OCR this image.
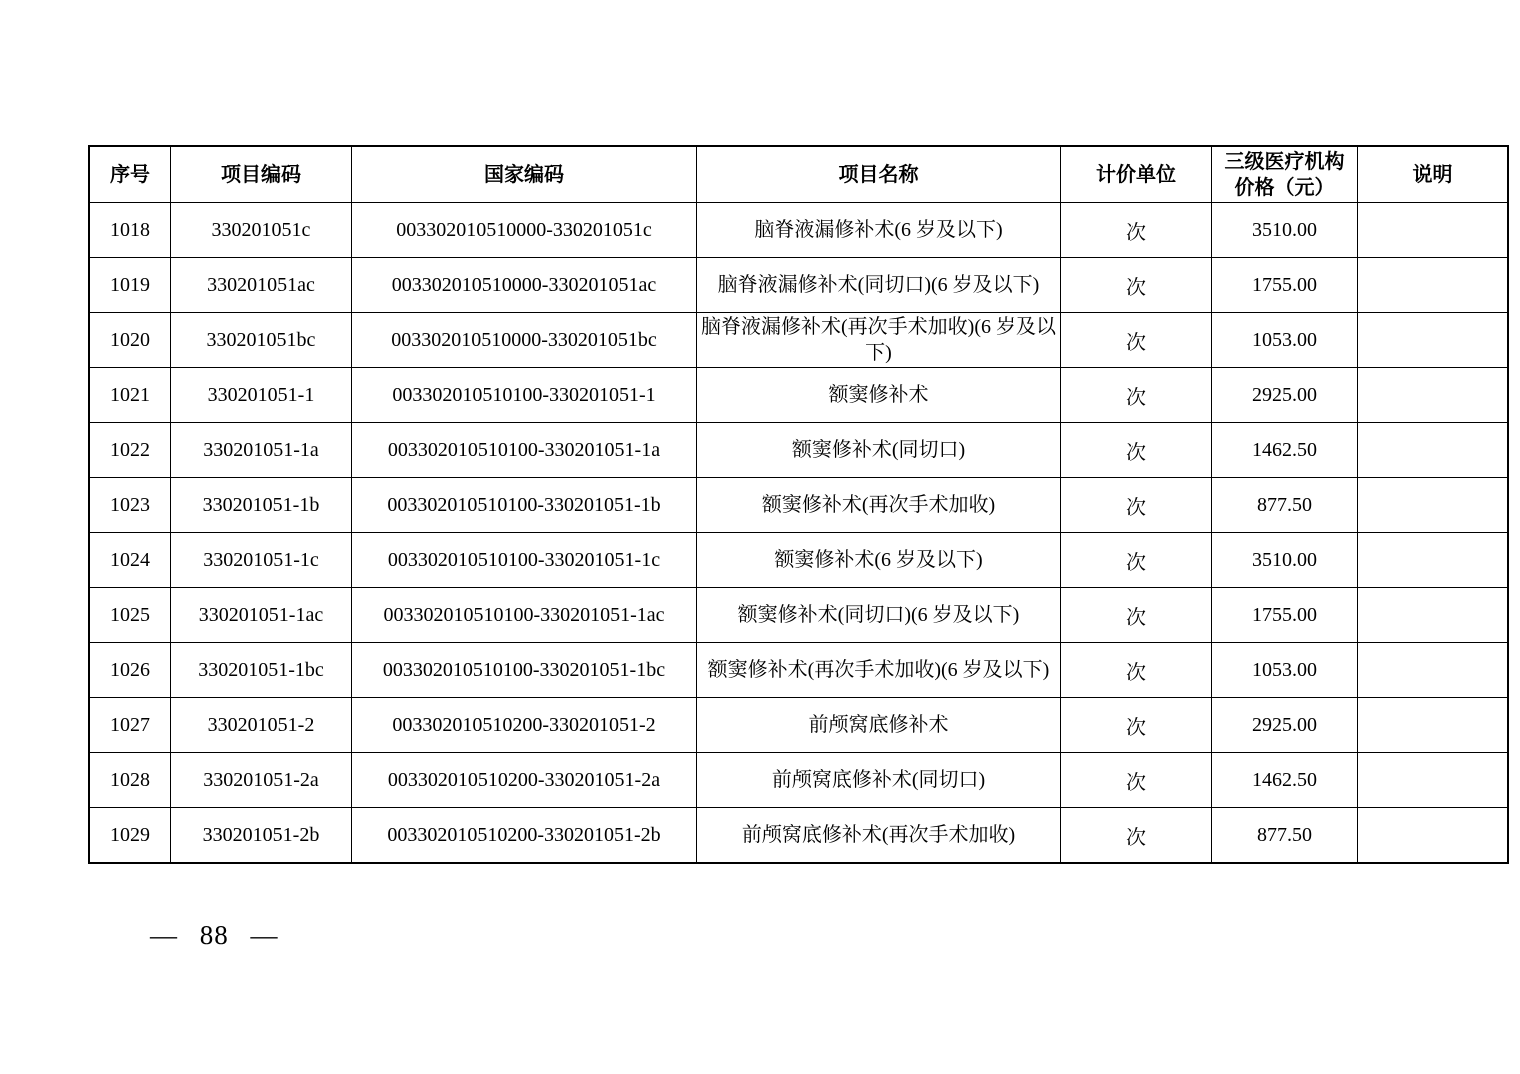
序号	项目编码	国家编码	项目名称	计价单位	三级医疗机构价格（元）	说明
1018	330201051c	003302010510000-330201051c	脑脊液漏修补术(6 岁及以下)	次	3510.00	
1019	330201051ac	003302010510000-330201051ac	脑脊液漏修补术(同切口)(6 岁及以下)	次	1755.00	
1020	330201051bc	003302010510000-330201051bc	脑脊液漏修补术(再次手术加收)(6 岁及以下)	次	1053.00	
1021	330201051-1	003302010510100-330201051-1	额窦修补术	次	2925.00	
1022	330201051-1a	003302010510100-330201051-1a	额窦修补术(同切口)	次	1462.50	
1023	330201051-1b	003302010510100-330201051-1b	额窦修补术(再次手术加收)	次	877.50	
1024	330201051-1c	003302010510100-330201051-1c	额窦修补术(6 岁及以下)	次	3510.00	
1025	330201051-1ac	003302010510100-330201051-1ac	额窦修补术(同切口)(6 岁及以下)	次	1755.00	
1026	330201051-1bc	003302010510100-330201051-1bc	额窦修补术(再次手术加收)(6 岁及以下)	次	1053.00	
1027	330201051-2	003302010510200-330201051-2	前颅窝底修补术	次	2925.00	
1028	330201051-2a	003302010510200-330201051-2a	前颅窝底修补术(同切口)	次	1462.50	
1029	330201051-2b	003302010510200-330201051-2b	前颅窝底修补术(再次手术加收)	次	877.50	
— 88 —
